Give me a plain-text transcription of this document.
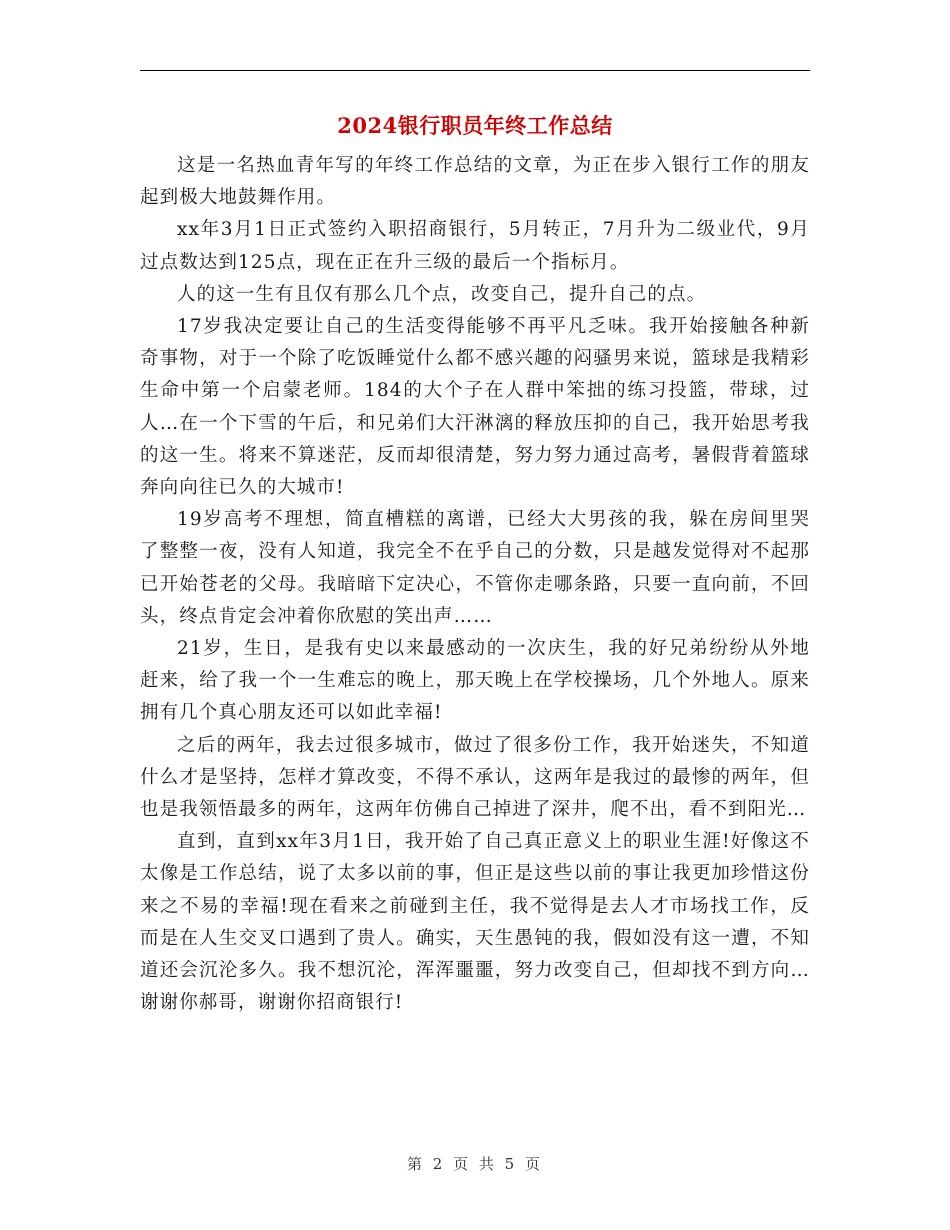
2024银行职员年终工作总结

这是一名热血青年写的年终工作总结的文章，为正在步入银行工作的朋友起到极大地鼓舞作用。

xx年3月1日正式签约入职招商银行，5月转正，7月升为二级业代，9月过点数达到125点，现在正在升三级的最后一个指标月。

人的这一生有且仅有那么几个点，改变自己，提升自己的点。

17岁我决定要让自己的生活变得能够不再平凡乏味。我开始接触各种新奇事物，对于一个除了吃饭睡觉什么都不感兴趣的闷骚男来说，篮球是我精彩生命中第一个启蒙老师。184的大个子在人群中笨拙的练习投篮，带球，过人…在一个下雪的午后，和兄弟们大汗淋漓的释放压抑的自己，我开始思考我的这一生。将来不算迷茫，反而却很清楚，努力努力通过高考，暑假背着篮球奔向向往已久的大城市!

19岁高考不理想，简直槽糕的离谱，已经大大男孩的我，躲在房间里哭了整整一夜，没有人知道，我完全不在乎自己的分数，只是越发觉得对不起那已开始苍老的父母。我暗暗下定决心，不管你走哪条路，只要一直向前，不回头，终点肯定会冲着你欣慰的笑出声……

21岁，生日，是我有史以来最感动的一次庆生，我的好兄弟纷纷从外地赶来，给了我一个一生难忘的晚上，那天晚上在学校操场，几个外地人。原来拥有几个真心朋友还可以如此幸福!

之后的两年，我去过很多城市，做过了很多份工作，我开始迷失，不知道什么才是坚持，怎样才算改变，不得不承认，这两年是我过的最惨的两年，但也是我领悟最多的两年，这两年仿佛自己掉进了深井，爬不出，看不到阳光…

直到，直到xx年3月1日，我开始了自己真正意义上的职业生涯!好像这不太像是工作总结，说了太多以前的事，但正是这些以前的事让我更加珍惜这份来之不易的幸福!现在看来之前碰到主任，我不觉得是去人才市场找工作，反而是在人生交叉口遇到了贵人。确实，天生愚钝的我，假如没有这一遭，不知道还会沉沦多久。我不想沉沦，浑浑噩噩，努力改变自己，但却找不到方向…谢谢你郝哥，谢谢你招商银行!

第 2 页 共 5 页
